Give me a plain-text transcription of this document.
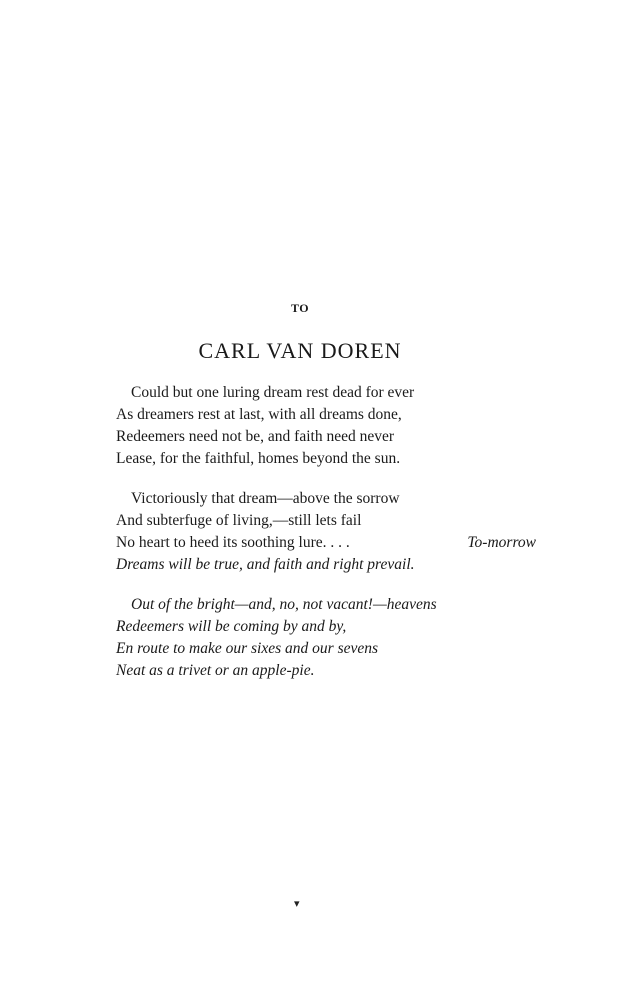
TO
CARL VAN DOREN
Could but one luring dream rest dead for ever
As dreamers rest at last, with all dreams done,
Redeemers need not be, and faith need never
Lease, for the faithful, homes beyond the sun.
Victoriously that dream—above the sorrow
And subterfuge of living,—still lets fail
No heart to heed its soothing lure. . . .	To-morrow
Dreams will be true, and faith and right prevail.
Out of the bright—and, no, not vacant!—heavens
Redeemers will be coming by and by,
En route to make our sixes and our sevens
Neat as a trivet or an apple-pie.
▾
